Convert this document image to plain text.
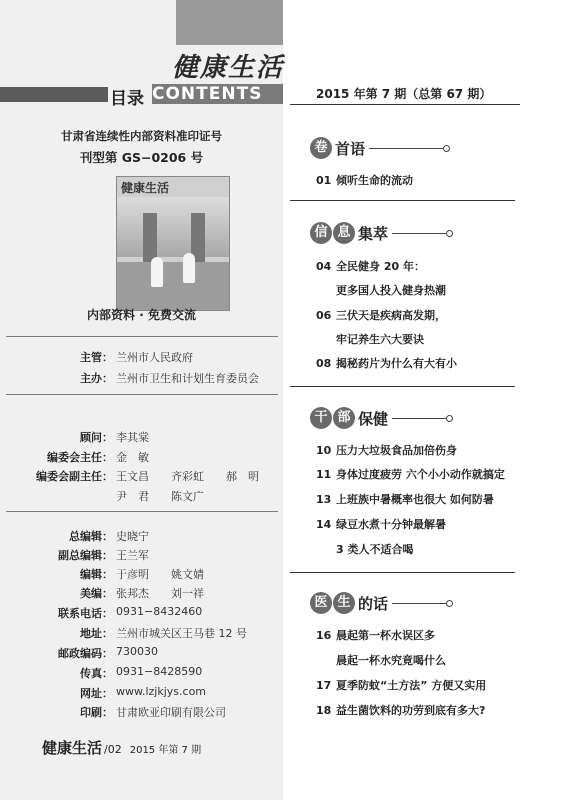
健康生活
目录 CONTENTS
甘肃省连续性内部资料准印证号
刊型第 GS−0206 号
健康生活
内部资料 · 免费交流
主管： 兰州市人民政府
主办： 兰州市卫生和计划生育委员会
顾问： 李其棠
编委会主任： 金　敏
编委会副主任： 王文昌　　齐彩虹　　郝　明
尹　君　　陈文广
总编辑： 史晓宁
副总编辑： 王兰军
编辑： 于彦明　　姚文婧
美编： 张邦杰　　刘一祥
联系电话： 0931−8432460
地址： 兰州市城关区王马巷 12 号
邮政编码： 730030
传真： 0931−8428590
网址： www.lzjkjys.com
印刷： 甘肃欧亚印刷有限公司
健康生活 /02 2015 年第 7 期
2015 年第 7 期（总第 67 期）
卷 首语
01 倾听生命的流动
信 息 集萃
04 全民健身 20 年：
更多国人投入健身热潮
06 三伏天是疾病高发期，
牢记养生六大要诀
08 揭秘药片为什么有大有小
干 部 保健
10 压力大垃圾食品加倍伤身
11 身体过度疲劳 六个小小动作就搞定
13 上班族中暑概率也很大 如何防暑
14 绿豆水煮十分钟最解暑
3 类人不适合喝
医 生 的话
16 晨起第一杯水误区多
晨起一杯水究竟喝什么
17 夏季防蚊“土方法” 方便又实用
18 益生菌饮料的功劳到底有多大?
